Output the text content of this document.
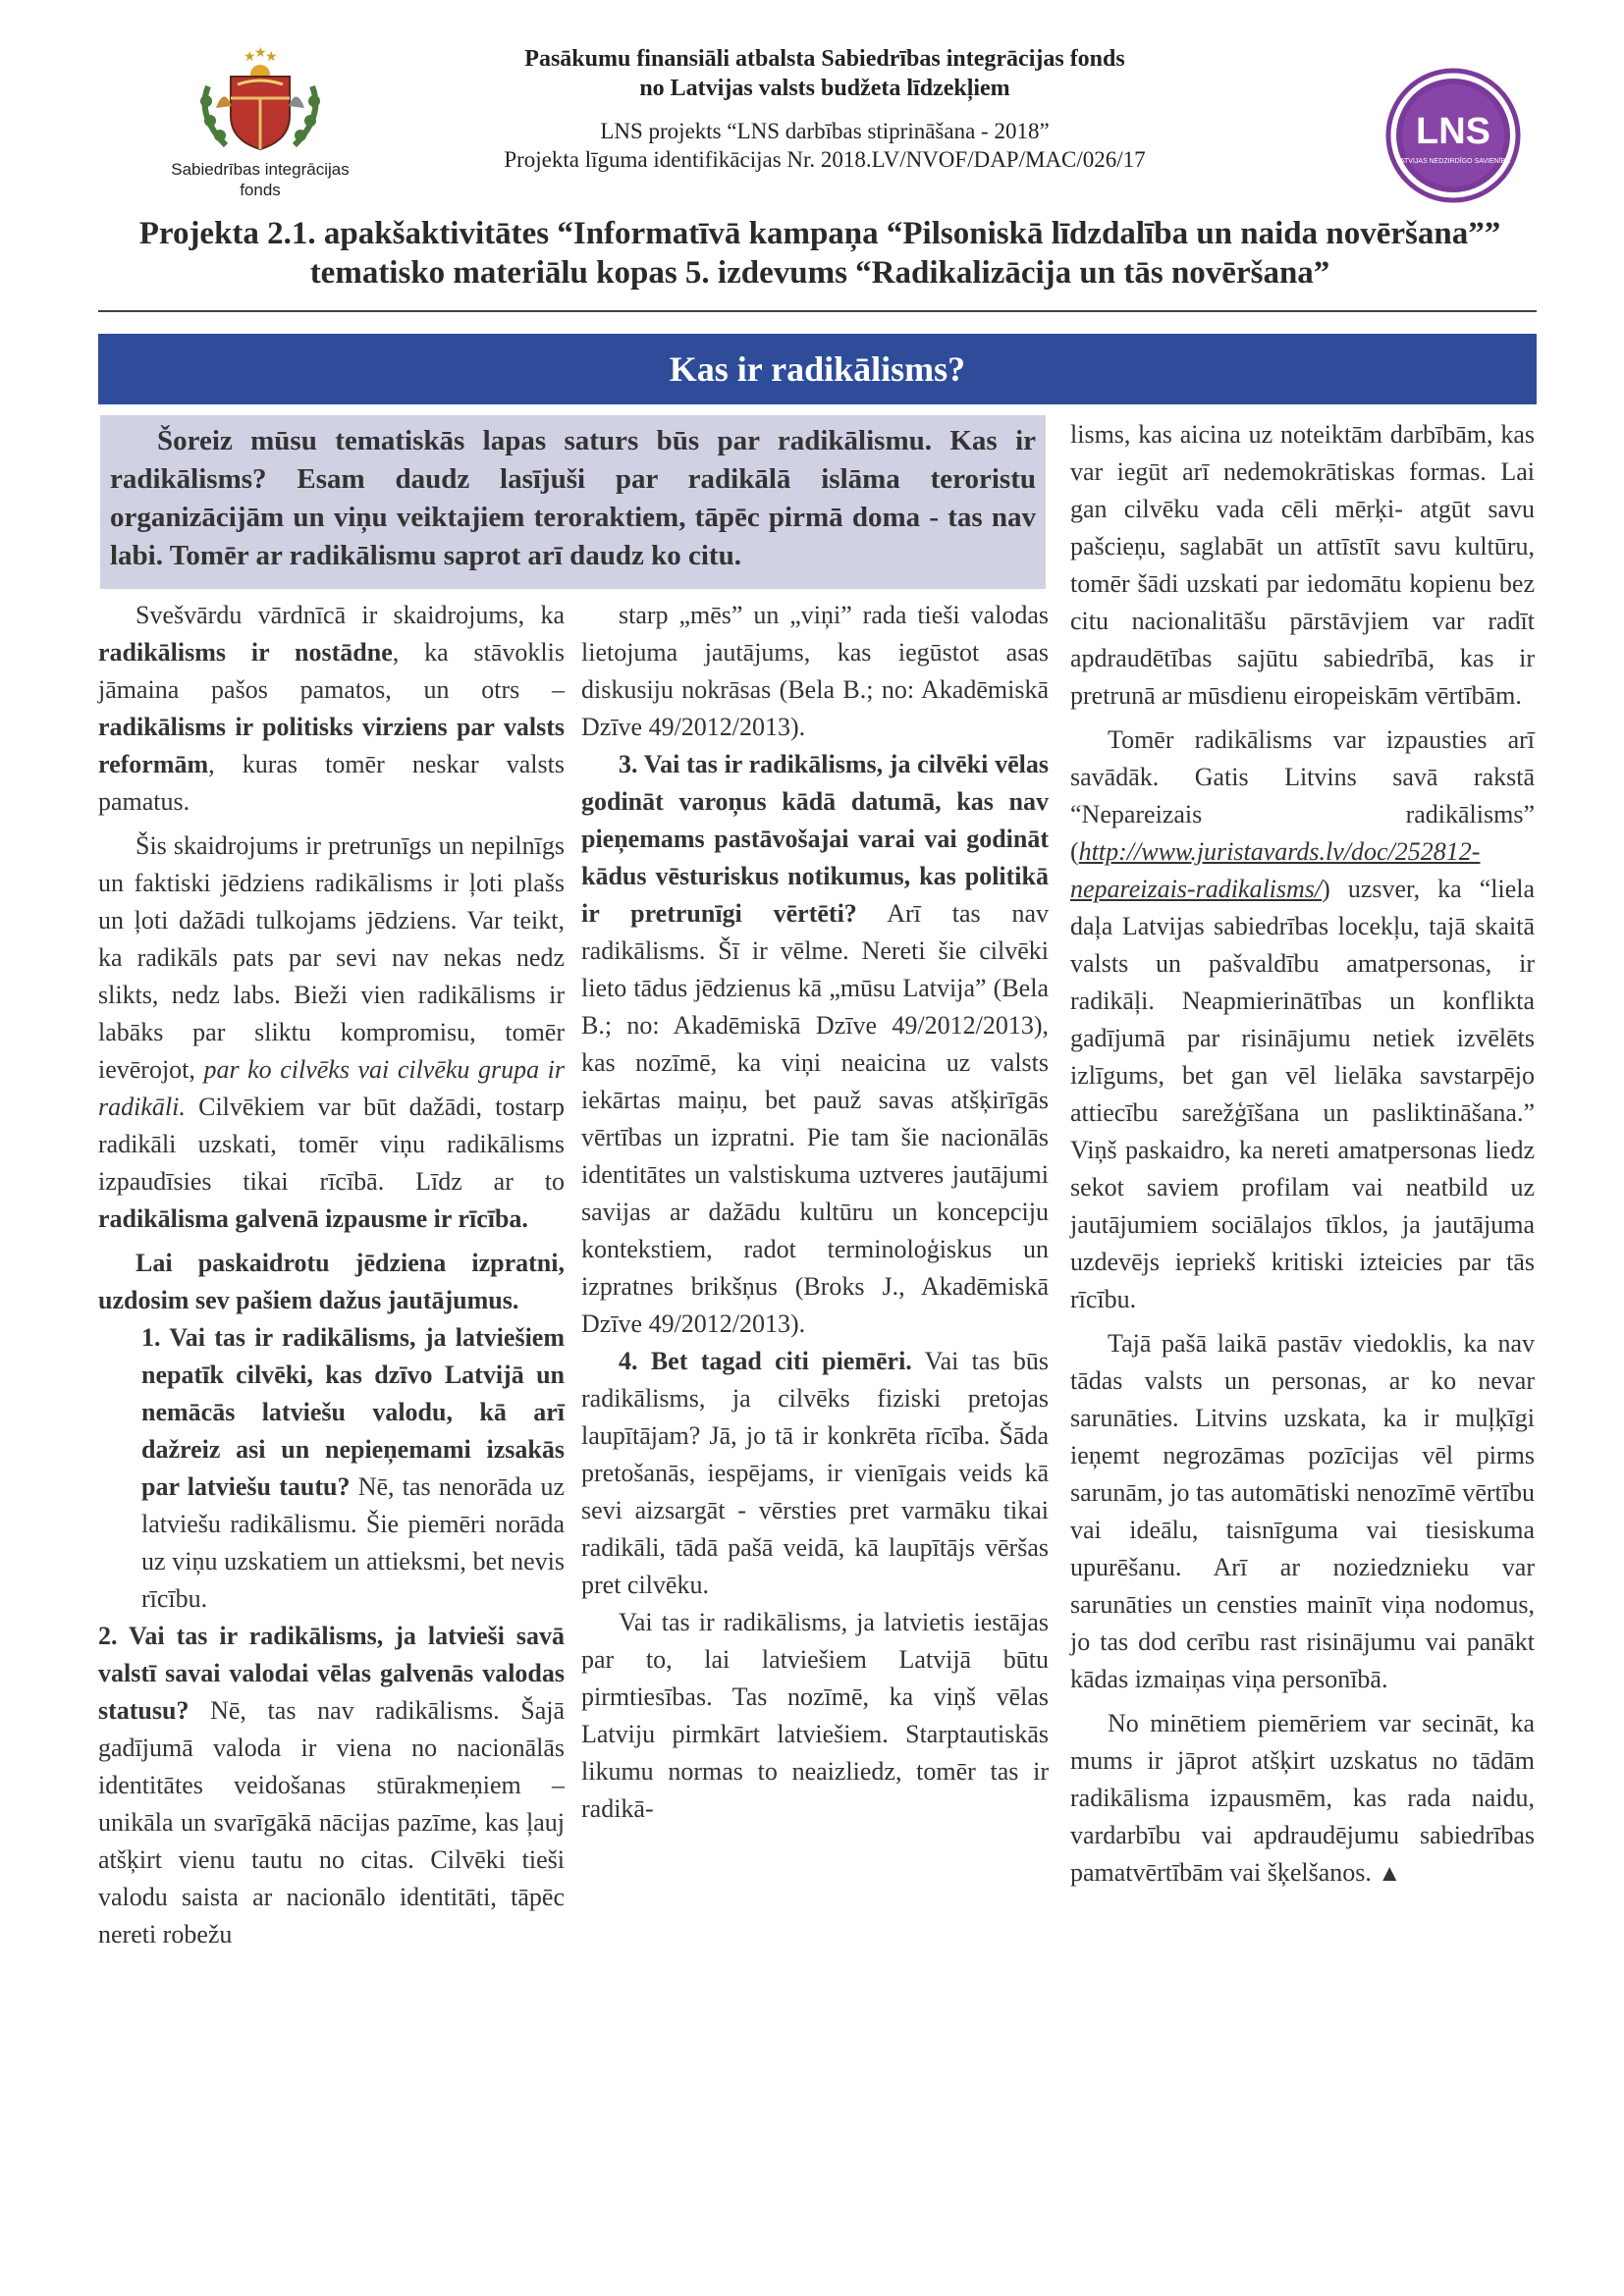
★
★
★
Sabiedrības integrācijas fonds
Pasākumu finansiāli atbalsta Sabiedrības integrācijas fonds
no Latvijas valsts budžeta līdzekļiem
LNS projekts “LNS darbības stiprināšana - 2018”
Projekta līguma identifikācijas Nr. 2018.LV/NVOF/DAP/MAC/026/17
LNS
LATVIJAS NEDZIRDĪGO SAVIENĪBA
Projekta 2.1. apakšaktivitātes “Informatīvā kampaņa “Pilsoniskā līdzdalība un naida novēršana”” tematisko materiālu kopas 5. izdevums “Radikalizācija un tās novēršana”
Kas ir radikālisms?
Šoreiz mūsu tematiskās lapas saturs būs par radikālismu. Kas ir radikālisms? Esam daudz lasījuši par radikālā islāma teroristu organizācijām un viņu veiktajiem teroraktiem, tāpēc pirmā doma - tas nav labi. Tomēr ar radikālismu saprot arī daudz ko citu.

Svešvārdu vārdnīcā ir skaidrojums, ka radikālisms ir nostādne, ka stāvoklis jāmaina pašos pamatos, un otrs – radikālisms ir politisks virziens par valsts reformām, kuras tomēr neskar valsts pamatus.

Šis skaidrojums ir pretrunīgs un nepilnīgs un faktiski jēdziens radikālisms ir ļoti plašs un ļoti dažādi tulkojams jēdziens. Var teikt, ka radikāls pats par sevi nav nekas nedz slikts, nedz labs. Bieži vien radikālisms ir labāks par sliktu kompromisu, tomēr ievērojot, par ko cilvēks vai cilvēku grupa ir radikāli. Cilvēkiem var būt dažādi, tostarp radikāli uzskati, tomēr viņu radikālisms izpaudīsies tikai rīcībā. Līdz ar to radikālisma galvenā izpausme ir rīcība.

Lai paskaidrotu jēdziena izpratni, uzdosim sev pašiem dažus jautājumus.

1. Vai tas ir radikālisms, ja latviešiem nepatīk cilvēki, kas dzīvo Latvijā un nemācās latviešu valodu, kā arī dažreiz asi un nepieņemami izsakās par latviešu tautu? Nē, tas nenorāda uz latviešu radikālismu. Šie piemēri norāda uz viņu uzskatiem un attieksmi, bet nevis rīcību.

2. Vai tas ir radikālisms, ja latvieši savā valstī savai valodai vēlas galvenās valodas statusu? Nē, tas nav radikālisms. Šajā gadījumā valoda ir viena no nacionālās identitātes veidošanas stūrakmeņiem – unikāla un svarīgākā nācijas pazīme, kas ļauj atšķirt vienu tautu no citas. Cilvēki tieši valodu saista ar nacionālo identitāti, tāpēc nereti robežu

starp „mēs” un „viņi” rada tieši valodas lietojuma jautājums, kas iegūstot asas diskusiju nokrāsas (Bela B.; no: Akadēmiskā Dzīve 49/2012/2013).

3. Vai tas ir radikālisms, ja cilvēki vēlas godināt varoņus kādā datumā, kas nav pieņemams pastāvošajai varai vai godināt kādus vēsturiskus notikumus, kas politikā ir pretrunīgi vērtēti? Arī tas nav radikālisms. Šī ir vēlme. Nereti šie cilvēki lieto tādus jēdzienus kā „mūsu Latvija” (Bela B.; no: Akadēmiskā Dzīve 49/2012/2013), kas nozīmē, ka viņi neaicina uz valsts iekārtas maiņu, bet pauž savas atšķirīgās vērtības un izpratni. Pie tam šie nacionālās identitātes un valstiskuma uztveres jautājumi savijas ar dažādu kultūru un koncepciju kontekstiem, radot terminoloģiskus un izpratnes brikšņus (Broks J., Akadēmiskā Dzīve 49/2012/2013).

4. Bet tagad citi piemēri. Vai tas būs radikālisms, ja cilvēks fiziski pretojas laupītājam? Jā, jo tā ir konkrēta rīcība. Šāda pretošanās, iespējams, ir vienīgais veids kā sevi aizsargāt - vērsties pret varmāku tikai radikāli, tādā pašā veidā, kā laupītājs vēršas pret cilvēku.

Vai tas ir radikālisms, ja latvietis iestājas par to, lai latviešiem Latvijā būtu pirmtiesības. Tas nozīmē, ka viņš vēlas Latviju pirmkārt latviešiem. Starptautiskās likumu normas to neaizliedz, tomēr tas ir radikā-

lisms, kas aicina uz noteiktām darbībām, kas var iegūt arī nedemokrātiskas formas. Lai gan cilvēku vada cēli mērķi- atgūt savu pašcieņu, saglabāt un attīstīt savu kultūru, tomēr šādi uzskati par iedomātu kopienu bez citu nacionalitāšu pārstāvjiem var radīt apdraudētības sajūtu sabiedrībā, kas ir pretrunā ar mūsdienu eiropeiskām vērtībām.

Tomēr radikālisms var izpausties arī savādāk. Gatis Litvins savā rakstā “Nepareizais radikālisms” (http://www.juristavards.lv/doc/252812-nepareizais-radikalisms/) uzsver, ka “liela daļa Latvijas sabiedrības locekļu, tajā skaitā valsts un pašvaldību amatpersonas, ir radikāļi. Neapmierinātības un konflikta gadījumā par risinājumu netiek izvēlēts izlīgums, bet gan vēl lielāka savstarpējo attiecību sarežģīšana un pasliktināšana.” Viņš paskaidro, ka nereti amatpersonas liedz sekot saviem profilam vai neatbild uz jautājumiem sociālajos tīklos, ja jautājuma uzdevējs iepriekš kritiski izteicies par tās rīcību.

Tajā pašā laikā pastāv viedoklis, ka nav tādas valsts un personas, ar ko nevar sarunāties. Litvins uzskata, ka ir muļķīgi ieņemt negrozāmas pozīcijas vēl pirms sarunām, jo tas automātiski nenozīmē vērtību vai ideālu, taisnīguma vai tiesiskuma upurēšanu. Arī ar noziedznieku var sarunāties un censties mainīt viņa nodomus, jo tas dod cerību rast risinājumu vai panākt kādas izmaiņas viņa personībā.

No minētiem piemēriem var secināt, ka mums ir jāprot atšķirt uzskatus no tādām radikālisma izpausmēm, kas rada naidu, vardarbību vai apdraudējumu sabiedrības pamatvērtībām vai šķelšanos. ▲
